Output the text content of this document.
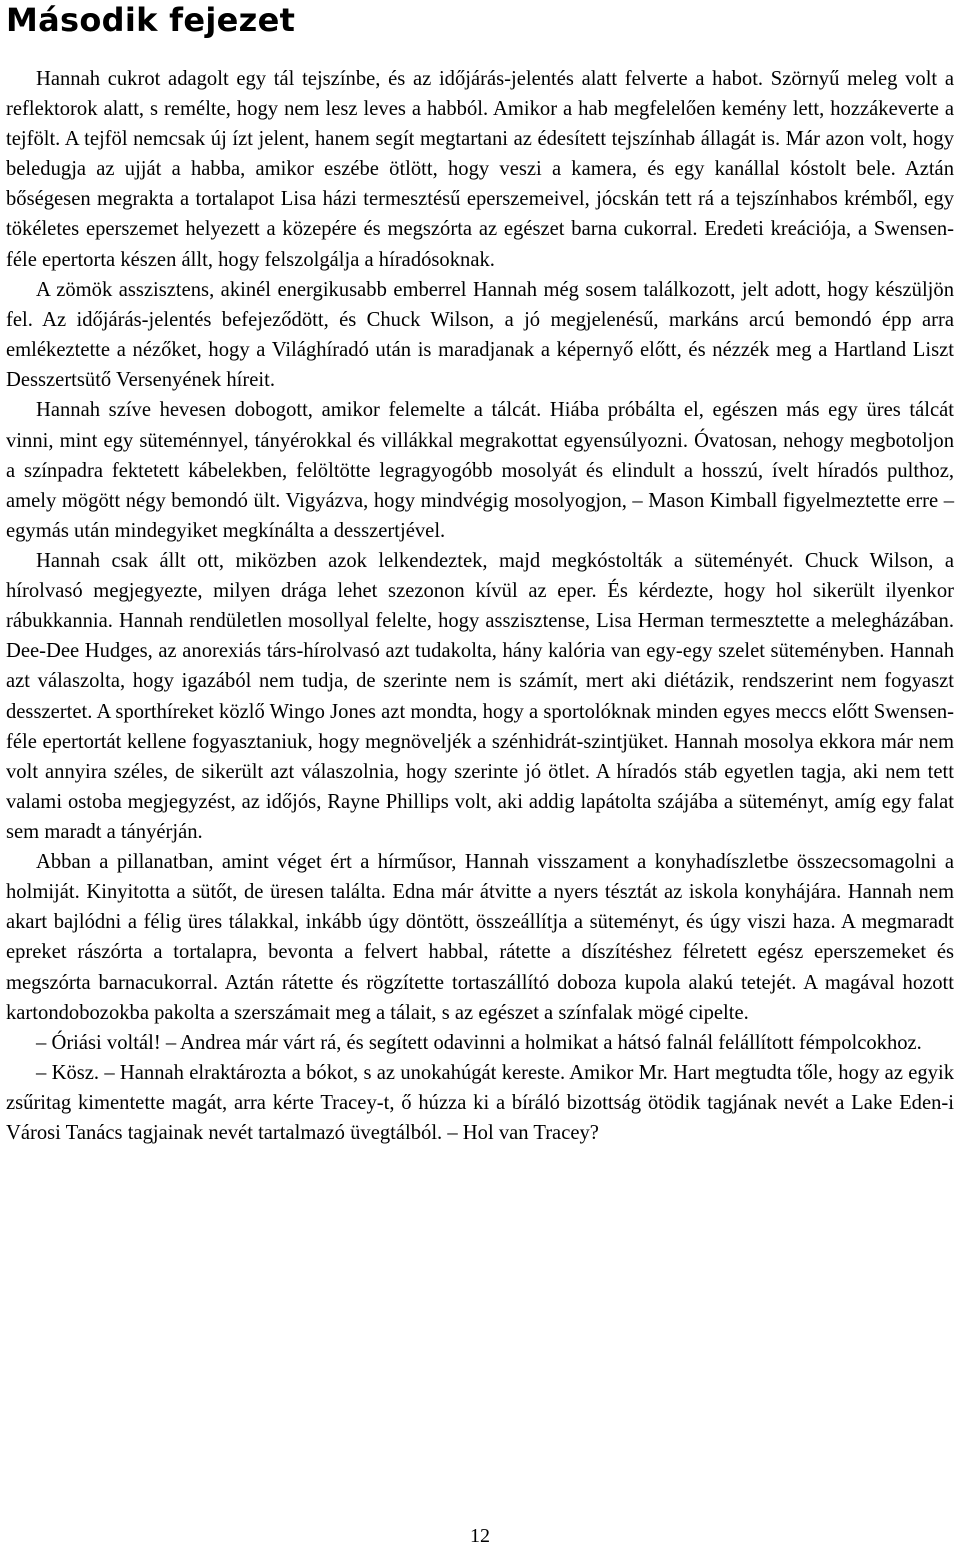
Második fejezet

Hannah cukrot adagolt egy tál tejszínbe, és az időjárás-jelentés alatt felverte a habot. Szörnyű meleg volt a reflektorok alatt, s remélte, hogy nem lesz leves a habból. Amikor a hab megfelelően kemény lett, hozzákeverte a tejfölt. A tejföl nemcsak új ízt jelent, hanem segít megtartani az édesített tejszínhab állagát is. Már azon volt, hogy beledugja az ujját a habba, amikor eszébe ötlött, hogy veszi a kamera, és egy kanállal kóstolt bele. Aztán bőségesen megrakta a tortalapot Lisa házi termesztésű eperszemeivel, jócskán tett rá a tejszínhabos krémből, egy tökéletes eperszemet helyezett a közepére és megszórta az egészet barna cukorral. Eredeti kreációja, a Swensen-féle epertorta készen állt, hogy felszolgálja a híradósoknak.

A zömök asszisztens, akinél energikusabb emberrel Hannah még sosem találkozott, jelt adott, hogy készüljön fel. Az időjárás-jelentés befejeződött, és Chuck Wilson, a jó megjelenésű, markáns arcú bemondó épp arra emlékeztette a nézőket, hogy a Világhíradó után is maradjanak a képernyő előtt, és nézzék meg a Hartland Liszt Desszertsütő Versenyének híreit.

Hannah szíve hevesen dobogott, amikor felemelte a tálcát. Hiába próbálta el, egészen más egy üres tálcát vinni, mint egy süteménnyel, tányérokkal és villákkal megrakottat egyensúlyozni. Óvatosan, nehogy megbotoljon a színpadra fektetett kábelekben, felöltötte legragyogóbb mosolyát és elindult a hosszú, ívelt híradós pulthoz, amely mögött négy bemondó ült. Vigyázva, hogy mindvégig mosolyogjon, – Mason Kimball figyelmeztette erre – egymás után mindegyiket megkínálta a desszertjével.

Hannah csak állt ott, miközben azok lelkendeztek, majd megkóstolták a süteményét. Chuck Wilson, a hírolvasó megjegyezte, milyen drága lehet szezonon kívül az eper. És kérdezte, hogy hol sikerült ilyenkor rábukkannia. Hannah rendületlen mosollyal felelte, hogy asszisztense, Lisa Herman termesztette a melegházában. Dee-Dee Hudges, az anorexiás társ-hírolvasó azt tudakolta, hány kalória van egy-egy szelet süteményben. Hannah azt válaszolta, hogy igazából nem tudja, de szerinte nem is számít, mert aki diétázik, rendszerint nem fogyaszt desszertet. A sporthíreket közlő Wingo Jones azt mondta, hogy a sportolóknak minden egyes meccs előtt Swensen-féle epertortát kellene fogyasztaniuk, hogy megnöveljék a szénhidrát-szintjüket. Hannah mosolya ekkora már nem volt annyira széles, de sikerült azt válaszolnia, hogy szerinte jó ötlet. A híradós stáb egyetlen tagja, aki nem tett valami ostoba megjegyzést, az időjós, Rayne Phillips volt, aki addig lapátolta szájába a süteményt, amíg egy falat sem maradt a tányérján.

Abban a pillanatban, amint véget ért a hírműsor, Hannah visszament a konyhadíszletbe összecsomagolni a holmiját. Kinyitotta a sütőt, de üresen találta. Edna már átvitte a nyers tésztát az iskola konyhájára. Hannah nem akart bajlódni a félig üres tálakkal, inkább úgy döntött, összeállítja a süteményt, és úgy viszi haza. A megmaradt epreket rászórta a tortalapra, bevonta a felvert habbal, rátette a díszítéshez félretett egész eperszemeket és megszórta barnacukorral. Aztán rátette és rögzítette tortaszállító doboza kupola alakú tetejét. A magával hozott kartondobozokba pakolta a szerszámait meg a tálait, s az egészet a színfalak mögé cipelte.

– Óriási voltál! – Andrea már várt rá, és segített odavinni a holmikat a hátsó falnál felállított fémpolcokhoz.

– Kösz. – Hannah elraktározta a bókot, s az unokahúgát kereste. Amikor Mr. Hart megtudta tőle, hogy az egyik zsűritag kimentette magát, arra kérte Tracey-t, ő húzza ki a bíráló bizottság ötödik tagjának nevét a Lake Eden-i Városi Tanács tagjainak nevét tartalmazó üvegtálból. – Hol van Tracey?

12
